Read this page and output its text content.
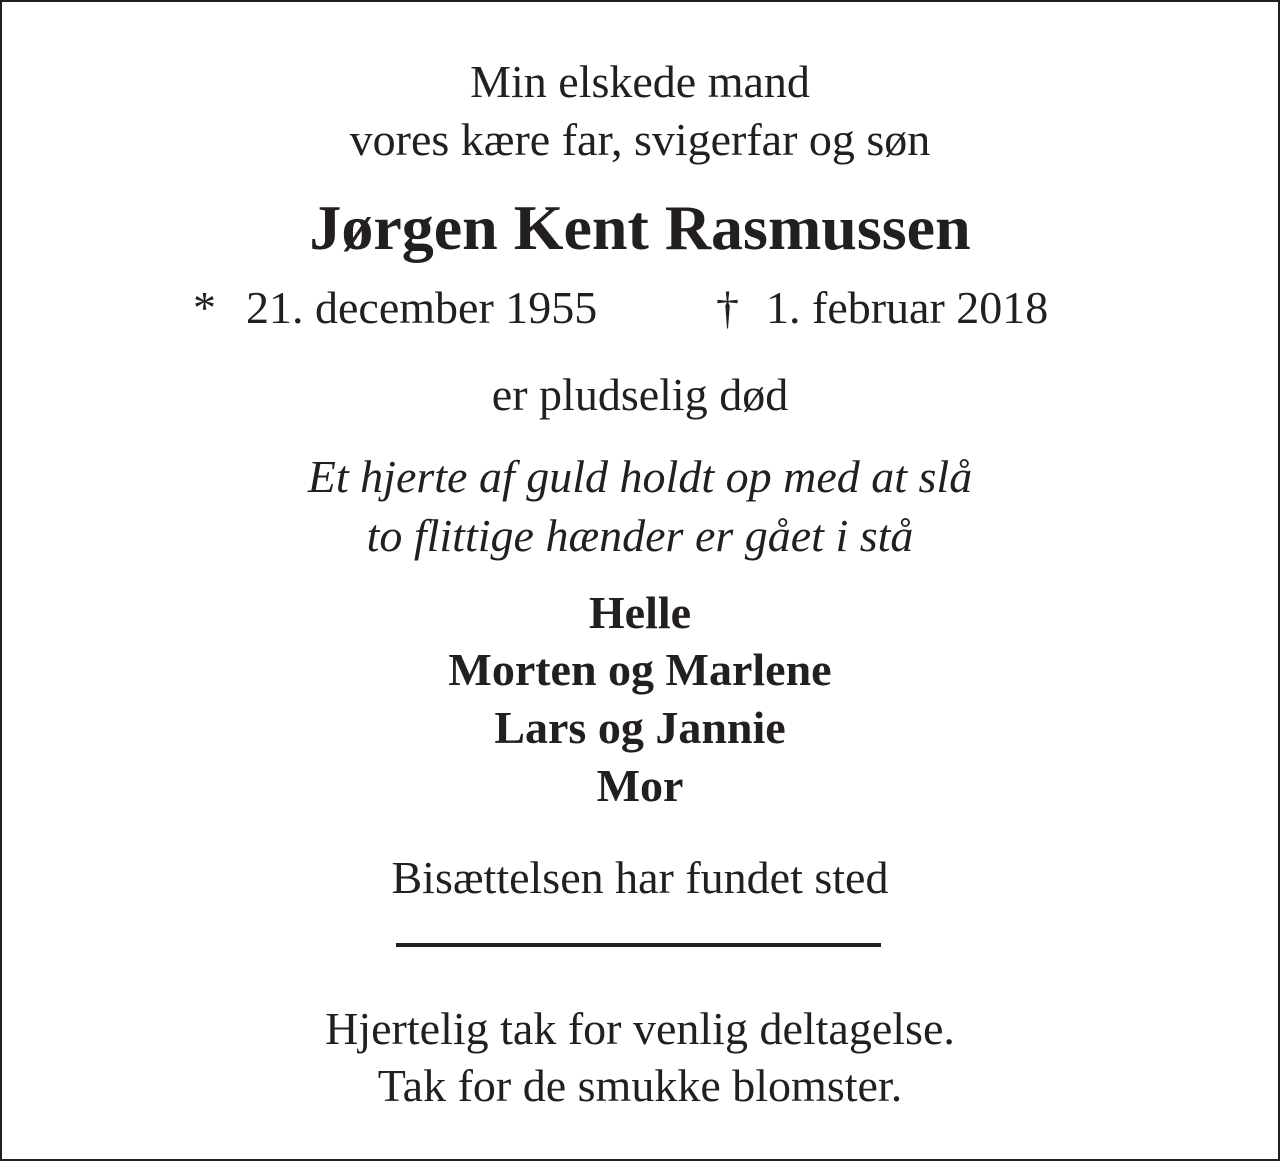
Min elskede mand
vores kære far, svigerfar og søn
Jørgen Kent Rasmussen
* 21. december 1955	† 1. februar 2018
er pludselig død
Et hjerte af guld holdt op med at slå
to flittige hænder er gået i stå
Helle
Morten og Marlene
Lars og Jannie
Mor
Bisættelsen har fundet sted
Hjertelig tak for venlig deltagelse.
Tak for de smukke blomster.
